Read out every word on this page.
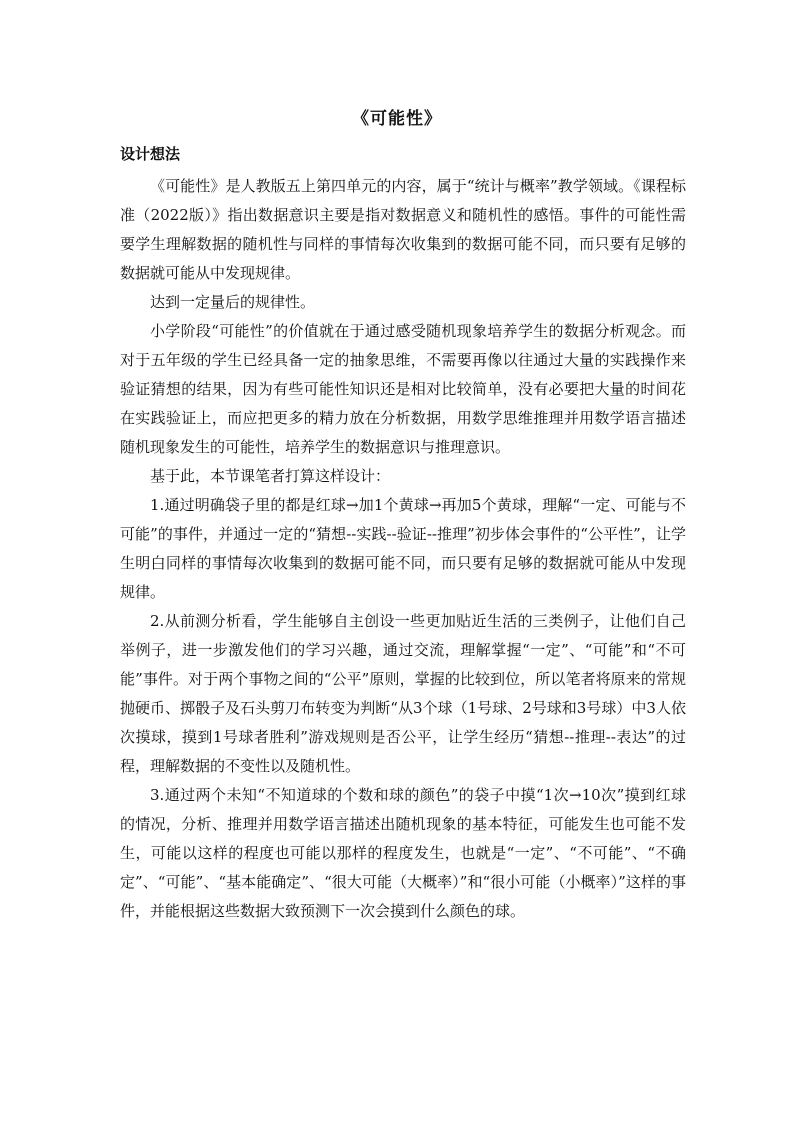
《可能性》
设计想法

《可能性》是人教版五上第四单元的内容，属于“统计与概率”教学领域。《课程标准（2022版）》指出数据意识主要是指对数据意义和随机性的感悟。事件的可能性需要学生理解数据的随机性与同样的事情每次收集到的数据可能不同，而只要有足够的数据就可能从中发现规律。

达到一定量后的规律性。

小学阶段“可能性”的价值就在于通过感受随机现象培养学生的数据分析观念。而对于五年级的学生已经具备一定的抽象思维，不需要再像以往通过大量的实践操作来验证猜想的结果，因为有些可能性知识还是相对比较简单，没有必要把大量的时间花在实践验证上，而应把更多的精力放在分析数据，用数学思维推理并用数学语言描述随机现象发生的可能性，培养学生的数据意识与推理意识。

基于此，本节课笔者打算这样设计：

1.通过明确袋子里的都是红球→加1个黄球→再加5个黄球，理解“一定、可能与不可能”的事件，并通过一定的“猜想--实践--验证--推理”初步体会事件的“公平性”，让学生明白同样的事情每次收集到的数据可能不同，而只要有足够的数据就可能从中发现规律。

2.从前测分析看，学生能够自主创设一些更加贴近生活的三类例子，让他们自己举例子，进一步激发他们的学习兴趣，通过交流，理解掌握“一定”、“可能”和“不可能”事件。对于两个事物之间的“公平”原则，掌握的比较到位，所以笔者将原来的常规抛硬币、掷骰子及石头剪刀布转变为判断“从3个球（1号球、2号球和3号球）中3人依次摸球，摸到1号球者胜利”游戏规则是否公平，让学生经历“猜想--推理--表达”的过程，理解数据的不变性以及随机性。

3.通过两个未知“不知道球的个数和球的颜色”的袋子中摸“1次→10次”摸到红球的情况，分析、推理并用数学语言描述出随机现象的基本特征，可能发生也可能不发生，可能以这样的程度也可能以那样的程度发生，也就是“一定”、“不可能”、“不确定”、“可能”、“基本能确定”、“很大可能（大概率）”和“很小可能（小概率）”这样的事件，并能根据这些数据大致预测下一次会摸到什么颜色的球。
